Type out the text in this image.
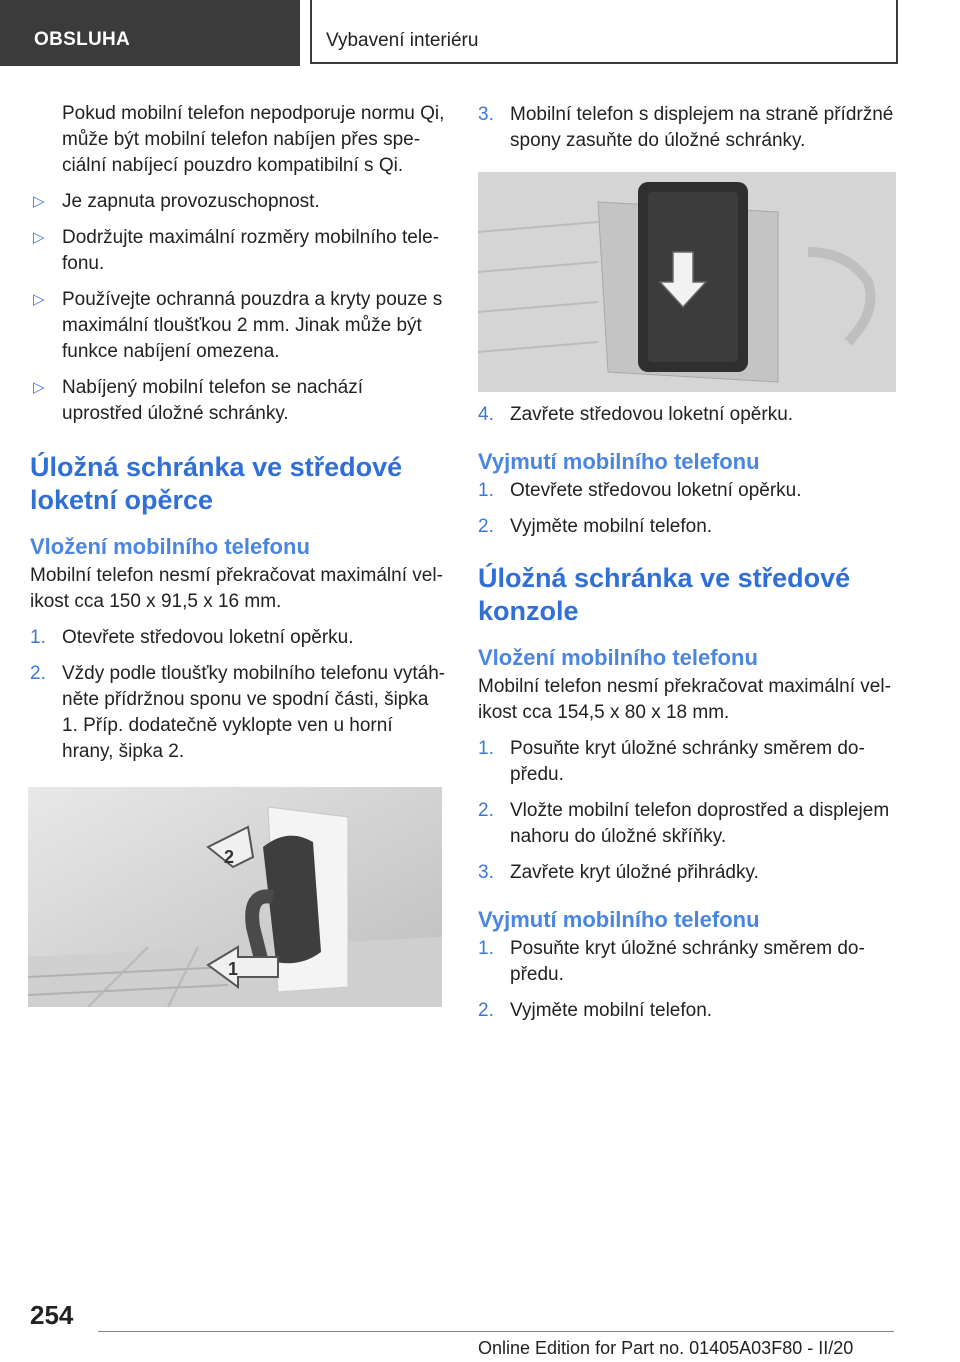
OBSLUHA	Vybavení interiéru

Pokud mobilní telefon nepodporuje normu Qi, může být mobilní telefon nabíjen přes speciální nabíjecí pouzdro kompatibilní s Qi.

▷ Je zapnuta provozuschopnost.
▷ Dodržujte maximální rozměry mobilního telefonu.
▷ Používejte ochranná pouzdra a kryty pouze s maximální tloušťkou 2 mm. Jinak může být funkce nabíjení omezena.
▷ Nabíjený mobilní telefon se nachází uprostřed úložné schránky.
Úložná schránka ve středové loketní opěrce
Vložení mobilního telefonu

Mobilní telefon nesmí překračovat maximální velikost cca 150 x 91,5 x 16 mm.

1. Otevřete středovou loketní opěrku.
2. Vždy podle tloušťky mobilního telefonu vytáhněte přídržnou sponu ve spodní části, šipka 1. Příp. dodatečně vyklopte ven u horní hrany, šipka 2.
2
1
3. Mobilní telefon s displejem na straně přídržné spony zasuňte do úložné schránky.
4. Zavřete středovou loketní opěrku.
Vyjmutí mobilního telefonu
1. Otevřete středovou loketní opěrku.
2. Vyjměte mobilní telefon.
Úložná schránka ve středové konzole
Vložení mobilního telefonu

Mobilní telefon nesmí překračovat maximální velikost cca 154,5 x 80 x 18 mm.

1. Posuňte kryt úložné schránky směrem dopředu.
2. Vložte mobilní telefon doprostřed a displejem nahoru do úložné skříňky.
3. Zavřete kryt úložné přihrádky.
Vyjmutí mobilního telefonu
1. Posuňte kryt úložné schránky směrem dopředu.
2. Vyjměte mobilní telefon.
254
Online Edition for Part no. 01405A03F80 - II/20
